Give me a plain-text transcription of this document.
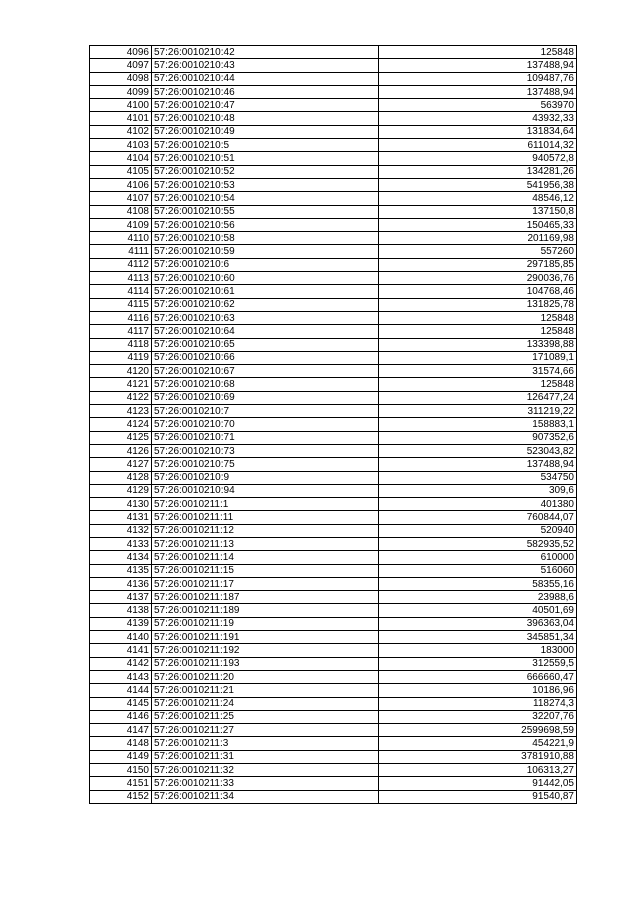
4096	57:26:0010210:42	125848
4097	57:26:0010210:43	137488,94
4098	57:26:0010210:44	109487,76
4099	57:26:0010210:46	137488,94
4100	57:26:0010210:47	563970
4101	57:26:0010210:48	43932,33
4102	57:26:0010210:49	131834,64
4103	57:26:0010210:5	611014,32
4104	57:26:0010210:51	940572,8
4105	57:26:0010210:52	134281,26
4106	57:26:0010210:53	541956,38
4107	57:26:0010210:54	48546,12
4108	57:26:0010210:55	137150,8
4109	57:26:0010210:56	150465,33
4110	57:26:0010210:58	201169,98
4111	57:26:0010210:59	557260
4112	57:26:0010210:6	297185,85
4113	57:26:0010210:60	290036,76
4114	57:26:0010210:61	104768,46
4115	57:26:0010210:62	131825,78
4116	57:26:0010210:63	125848
4117	57:26:0010210:64	125848
4118	57:26:0010210:65	133398,88
4119	57:26:0010210:66	171089,1
4120	57:26:0010210:67	31574,66
4121	57:26:0010210:68	125848
4122	57:26:0010210:69	126477,24
4123	57:26:0010210:7	311219,22
4124	57:26:0010210:70	158883,1
4125	57:26:0010210:71	907352,6
4126	57:26:0010210:73	523043,82
4127	57:26:0010210:75	137488,94
4128	57:26:0010210:9	534750
4129	57:26:0010210:94	309,6
4130	57:26:0010211:1	401380
4131	57:26:0010211:11	760844,07
4132	57:26:0010211:12	520940
4133	57:26:0010211:13	582935,52
4134	57:26:0010211:14	610000
4135	57:26:0010211:15	516060
4136	57:26:0010211:17	58355,16
4137	57:26:0010211:187	23988,6
4138	57:26:0010211:189	40501,69
4139	57:26:0010211:19	396363,04
4140	57:26:0010211:191	345851,34
4141	57:26:0010211:192	183000
4142	57:26:0010211:193	312559,5
4143	57:26:0010211:20	666660,47
4144	57:26:0010211:21	10186,96
4145	57:26:0010211:24	118274,3
4146	57:26:0010211:25	32207,76
4147	57:26:0010211:27	2599698,59
4148	57:26:0010211:3	454221,9
4149	57:26:0010211:31	3781910,88
4150	57:26:0010211:32	106313,27
4151	57:26:0010211:33	91442,05
4152	57:26:0010211:34	91540,87
